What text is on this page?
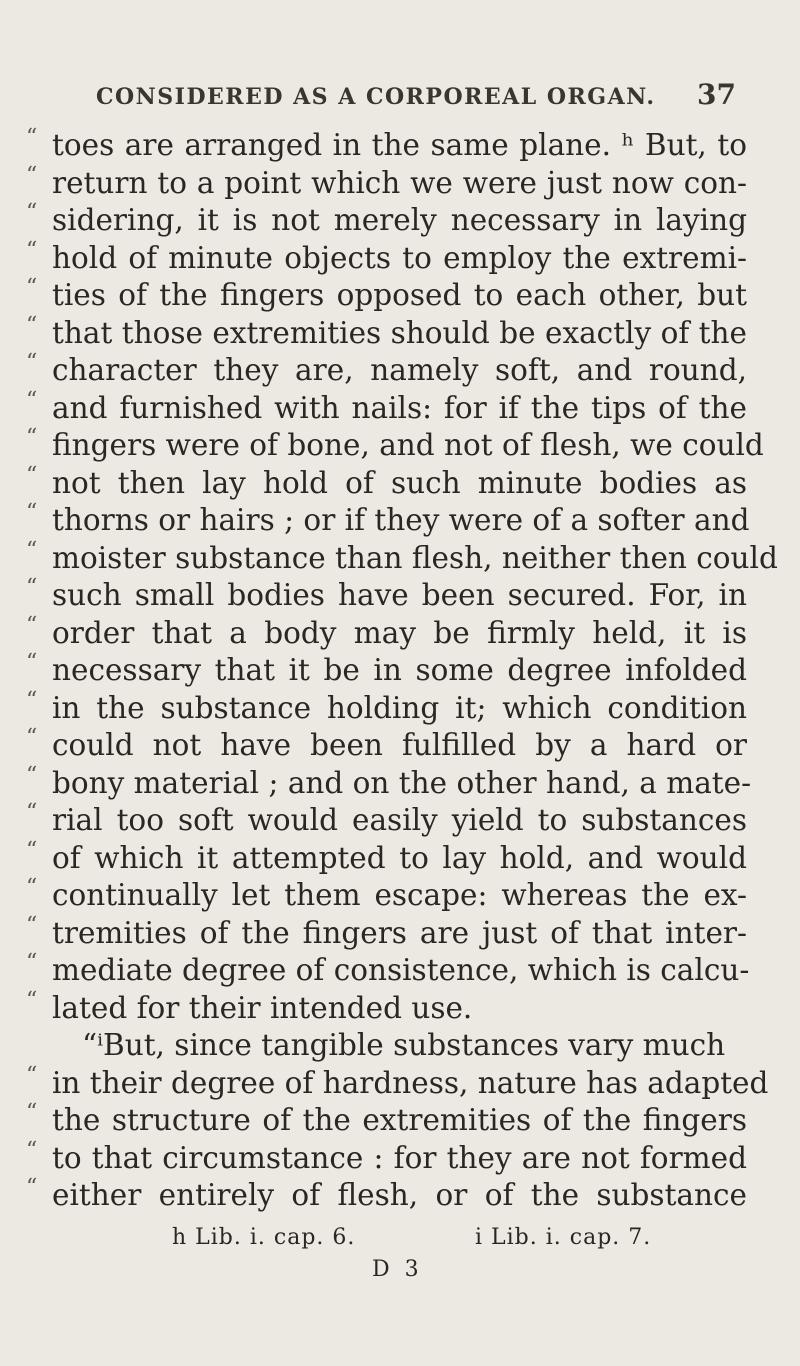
CONSIDERED AS A CORPOREAL ORGAN. 37
“ toes are arranged in the same plane. ʰ But, to
“ return to a point which we were just now con-
“ sidering, it is not merely necessary in laying
“ hold of minute objects to employ the extremi-
“ ties of the fingers opposed to each other, but
“ that those extremities should be exactly of the
“ character they are, namely soft, and round,
“ and furnished with nails: for if the tips of the
“ fingers were of bone, and not of flesh, we could
“ not then lay hold of such minute bodies as
“ thorns or hairs ; or if they were of a softer and
“ moister substance than flesh, neither then could
“ such small bodies have been secured. For, in
“ order that a body may be firmly held, it is
“ necessary that it be in some degree infolded
“ in the substance holding it; which condition
“ could not have been fulfilled by a hard or
“ bony material ; and on the other hand, a mate-
“ rial too soft would easily yield to substances
“ of which it attempted to lay hold, and would
“ continually let them escape: whereas the ex-
“ tremities of the fingers are just of that inter-
“ mediate degree of consistence, which is calcu-
“ lated for their intended use.
“ⁱBut, since tangible substances vary much
“ in their degree of hardness, nature has adapted
“ the structure of the extremities of the fingers
“ to that circumstance : for they are not formed
“ either entirely of flesh, or of the substance
h Lib. i. cap. 6.	i Lib. i. cap. 7.
D 3
